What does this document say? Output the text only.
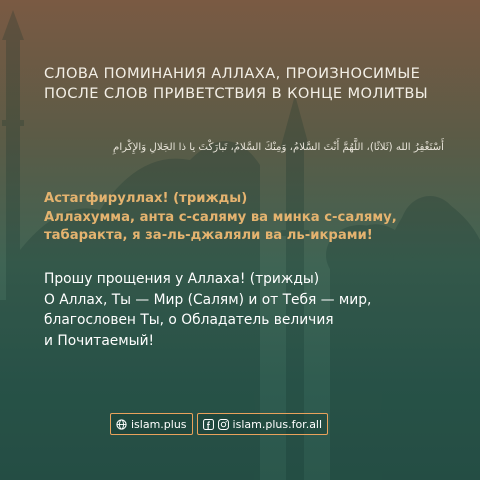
СЛОВА ПОМИНАНИЯ АЛЛАХА, ПРОИЗНОСИМЫЕ
ПОСЛЕ СЛОВ ПРИВЕТСТВИЯ В КОНЦЕ МОЛИТВЫ
أَسْتَغْفِرُ الله (ثَلاثًا)، اللَّهُمَّ أَنْتَ السَّلامُ، وَمِنْكَ السَّلامُ، تَبارَكْتَ يا ذا الجَلالِ وَالإِكْرامِ
Астагфируллах! (трижды)
Аллахумма, анта с-саляму ва минка с-саляму,
табаракта, я за-ль-джаляли ва ль-икрами!
Прошу прощения у Аллаха! (трижды)
О Аллах, Ты — Мир (Салям) и от Тебя — мир,
благословен Ты, о Обладатель величия
и Почитаемый!
islam.plus	islam.plus.for.all
